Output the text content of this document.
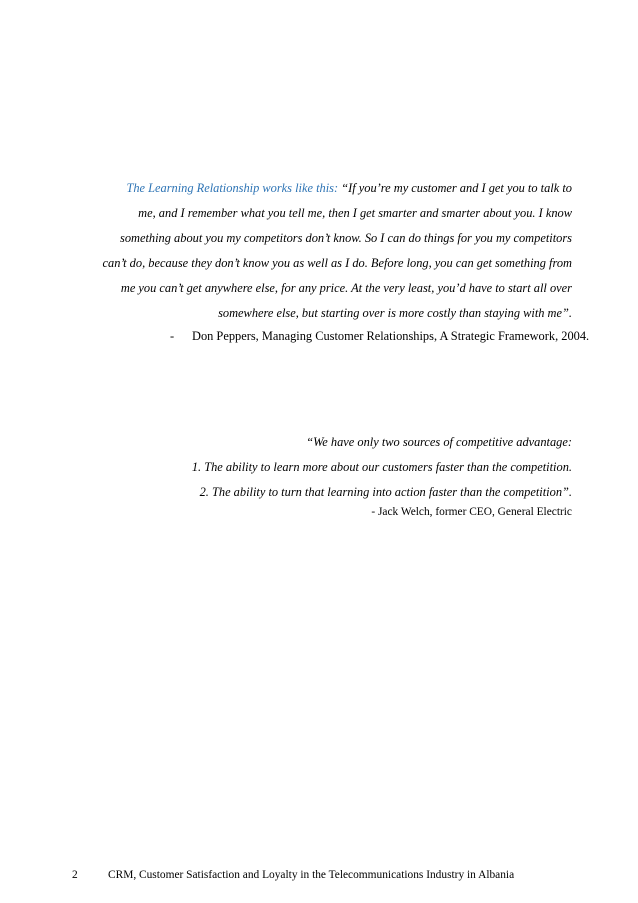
The Learning Relationship works like this: “If you’re my customer and I get you to talk to
me, and I remember what you tell me, then I get smarter and smarter about you. I know
something about you my competitors don’t know. So I can do things for you my competitors
can’t do, because they don’t know you as well as I do. Before long, you can get something from
me you can’t get anywhere else, for any price. At the very least, you’d have to start all over
somewhere else, but starting over is more costly than staying with me”.

- Don Peppers, Managing Customer Relationships, A Strategic Framework, 2004.

“We have only two sources of competitive advantage:
1. The ability to learn more about our customers faster than the competition.
2. The ability to turn that learning into action faster than the competition”.

- Jack Welch, former CEO, General Electric

2	CRM, Customer Satisfaction and Loyalty in the Telecommunications Industry in Albania
